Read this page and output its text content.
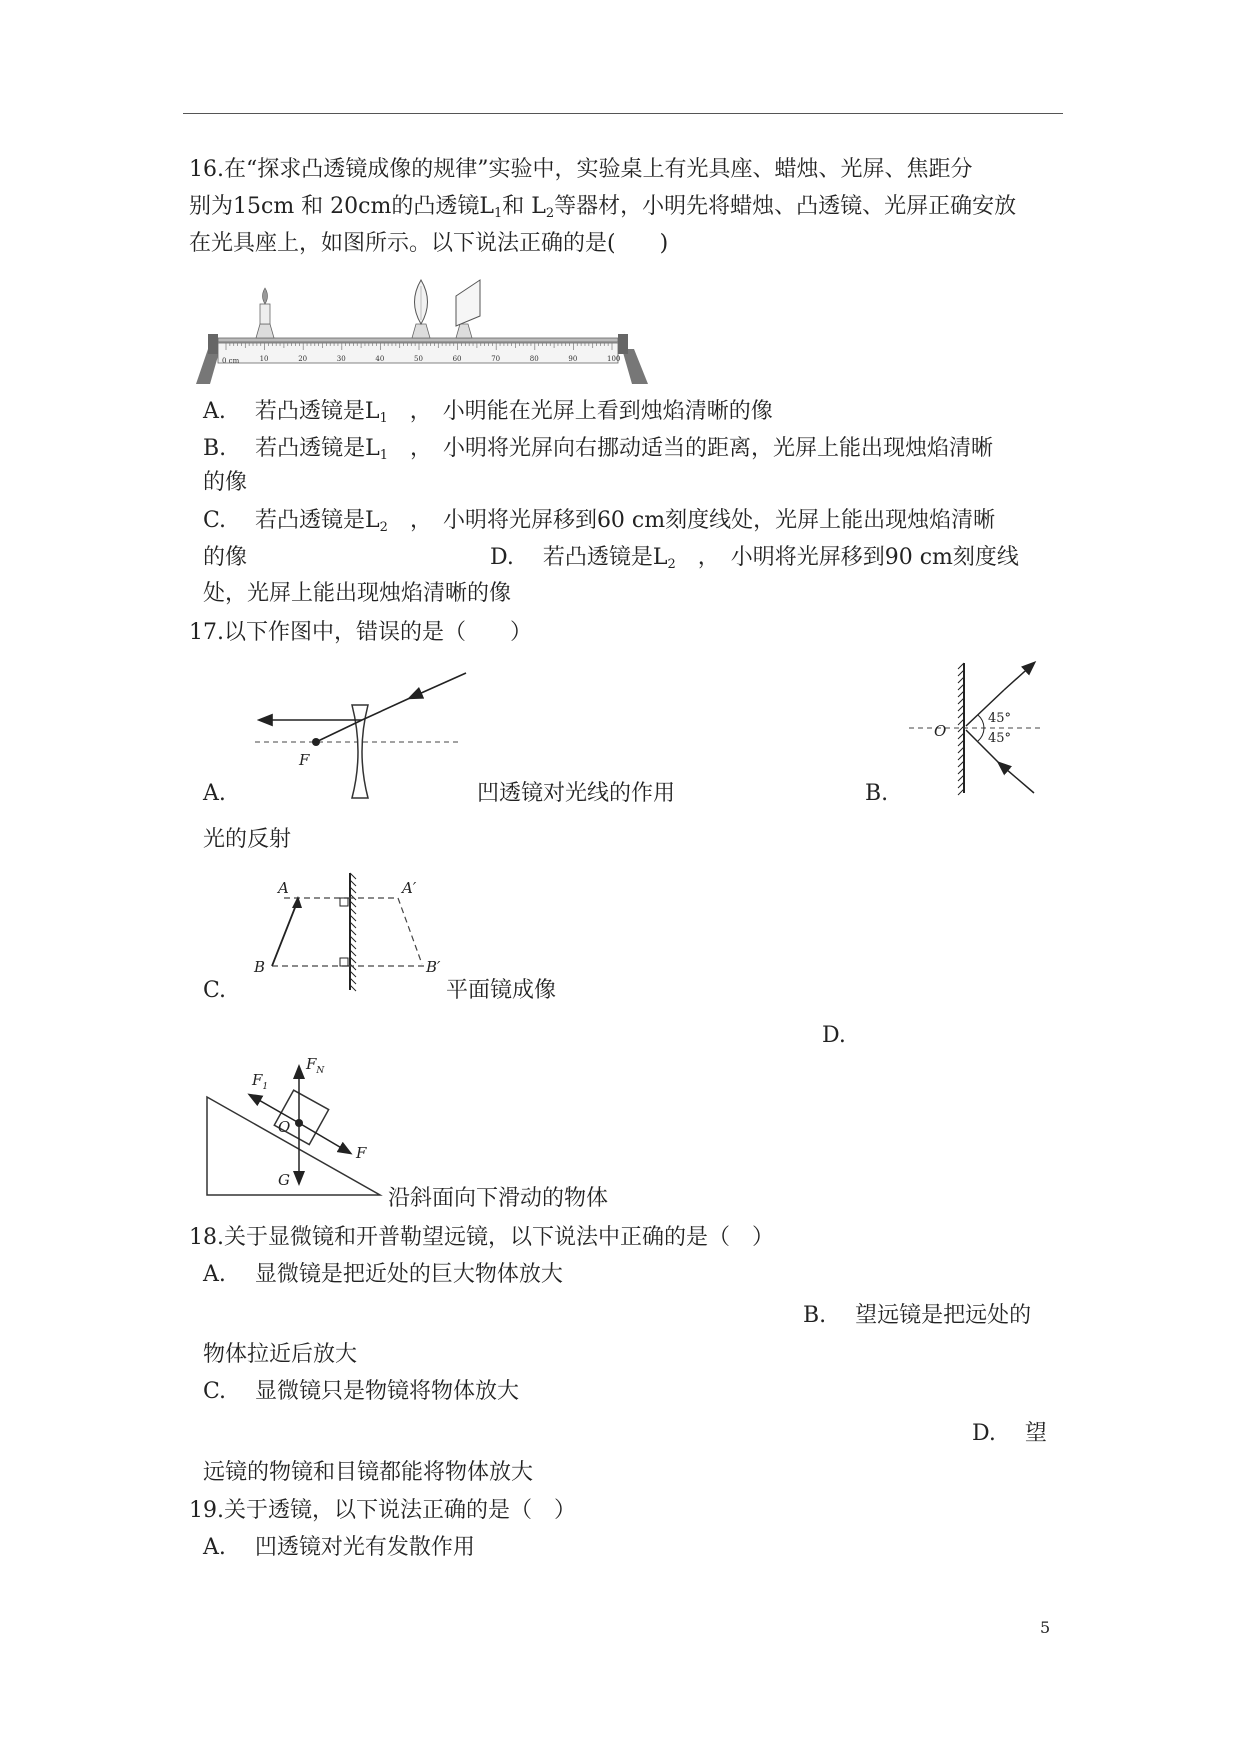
16.在“探求凸透镜成像的规律”实验中，实验桌上有光具座、蜡烛、光屏、焦距分
别为15cm 和 20cm的凸透镜$L_1$和 $L_2$等器材，小明先将蜡烛、凸透镜、光屏正确安放
在光具座上，如图所示。以下说法正确的是(　　)
0 cm	10	20	30	40	50	60	70	80	90	100
A.　 若凸透镜是$L_1$　，　小明能在光屏上看到烛焰清晰的像
B.　 若凸透镜是$L_1$　，　小明将光屏向右挪动适当的距离，光屏上能出现烛焰清晰
的像
C.　 若凸透镜是$L_2$　，　小明将光屏移到60 cm刻度线处，光屏上能出现烛焰清晰
的像	D.　 若凸透镜是$L_2$　，　小明将光屏移到90 cm刻度线
处，光屏上能出现烛焰清晰的像
17.以下作图中，错误的是（　　）
F
A.	凹透镜对光线的作用
45°
45°
O
B.
光的反射
A	A′
B	B′
C.	平面镜成像
D.
$F_1$
$F_N$
O
F
G
沿斜面向下滑动的物体
18.关于显微镜和开普勒望远镜，以下说法中正确的是（　）
A.　 显微镜是把近处的巨大物体放大
B.　 望远镜是把远处的
物体拉近后放大
C.　 显微镜只是物镜将物体放大
D.　 望
远镜的物镜和目镜都能将物体放大
19.关于透镜，以下说法正确的是（　）
A.　 凹透镜对光有发散作用
5
